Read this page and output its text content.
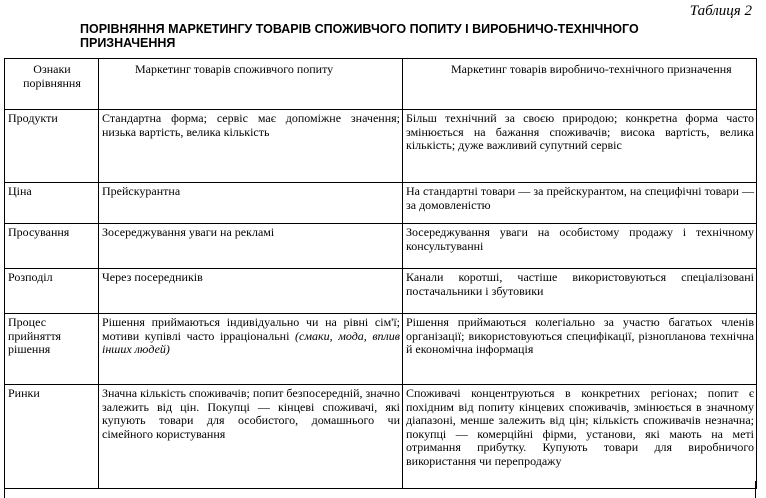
Таблиця 2
ПОРІВНЯННЯ МАРКЕТИНГУ ТОВАРІВ СПОЖИВЧОГО ПОПИТУ І ВИРОБНИЧО-ТЕХНІЧНОГО ПРИЗНАЧЕННЯ
Ознаки порівняння	Маркетинг товарів споживчого попиту	Маркетинг товарів виробничо-технічного призначення
Продукти	Стандартна форма; сервіс має допоміжне значення; низька вартість, велика кількість	Більш технічний за своєю природою; конкретна форма часто змінюється на бажання споживачів; висока вартість, велика кількість; дуже важливий супутний сервіс
Ціна	Прейскурантна	На стандартні товари — за прейскурантом, на специфічні товари — за домовленістю
Просування	Зосереджування уваги на рекламі	Зосереджування уваги на особистому продажу і технічному консультуванні
Розподіл	Через посередників	Канали коротші, частіше використовуються спеціалізовані постачальники і збутовики
Процес прийняття рішення	Рішення приймаються індивідуально чи на рівні сім'ї; мотиви купівлі часто ірраціональні (смаки, мода, вплив інших людей)	Рішення приймаються колегіально за участю багатьох членів організації; використовуються специфікації, різнопланова технічна й економічна інформація
Ринки	Значна кількість споживачів; попит безпосередній, значно залежить від цін. Покупці — кінцеві споживачі, які купують товари для особистого, домашнього чи сімейного користування	Споживачі концентруються в конкретних регіонах; попит є похідним від попиту кінцевих споживачів, змінюється в значному діапазоні, менше залежить від цін; кількість споживачів незначна; покупці — комерційні фірми, установи, які мають на меті отримання прибутку. Купують товари для виробничого використання чи перепродажу
